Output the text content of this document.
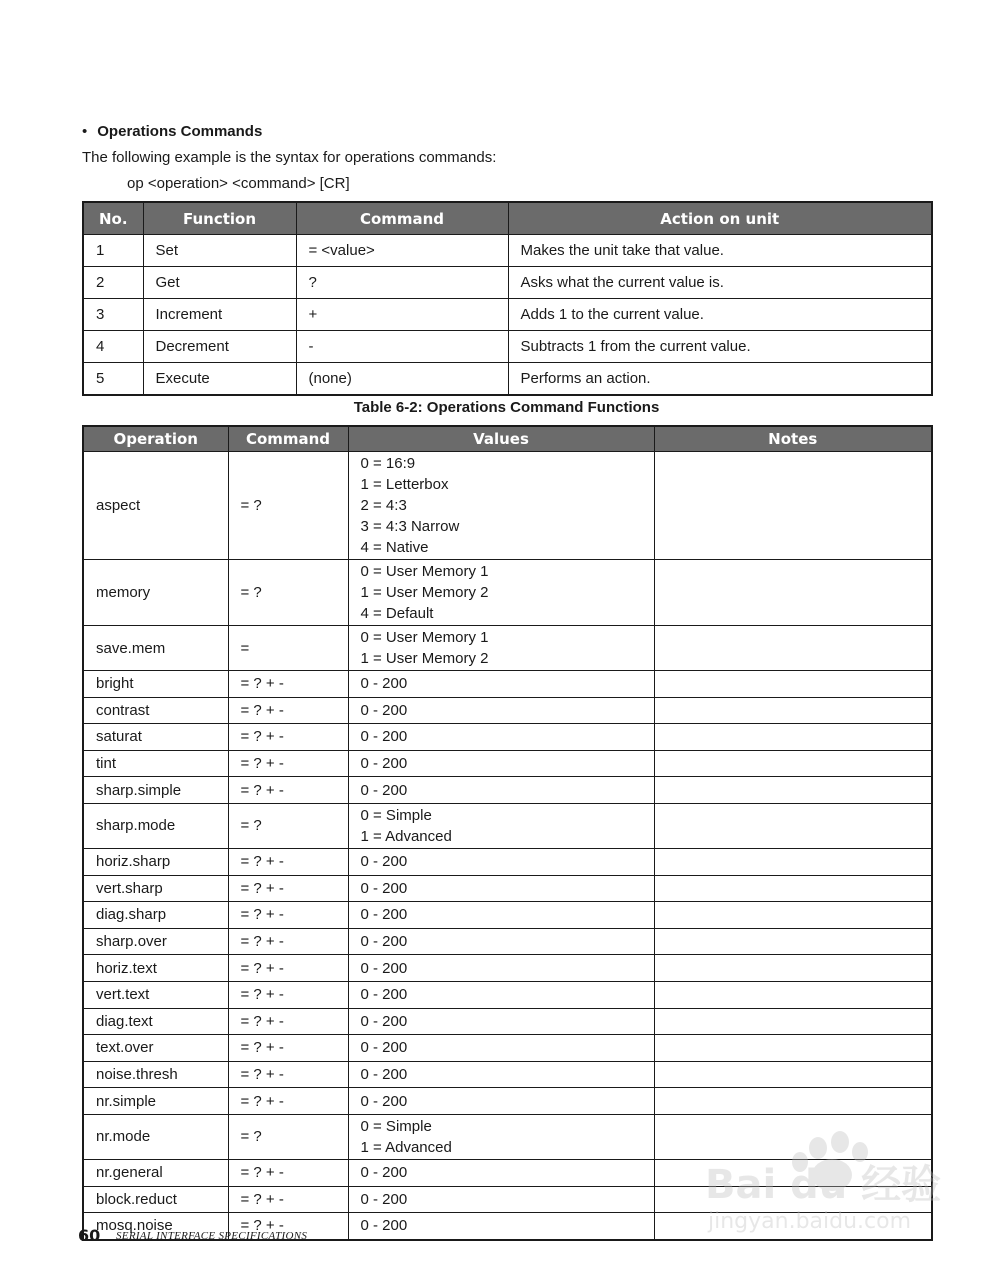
• Operations Commands

The following example is the syntax for operations commands:

op <operation> <command> [CR]

No.	Function	Command	Action on unit
1	Set	= <value>	Makes the unit take that value.
2	Get	?	Asks what the current value is.
3	Increment	+	Adds 1 to the current value.
4	Decrement	-	Subtracts 1 from the current value.
5	Execute	(none)	Performs an action.

Table 6-2: Operations Command Functions

Operation	Command	Values	Notes
aspect	= ?	0 = 16:9
1 = Letterbox
2 = 4:3
3 = 4:3 Narrow
4 = Native	

memory	= ?	0 = User Memory 1
1 = User Memory 2
4 = Default	

save.mem	=	0 = User Memory 1
1 = User Memory 2	

bright	= ? + -	0 - 200	

contrast	= ? + -	0 - 200	

saturat	= ? + -	0 - 200	

tint	= ? + -	0 - 200	

sharp.simple	= ? + -	0 - 200	

sharp.mode	= ?	0 = Simple
1 = Advanced	

horiz.sharp	= ? + -	0 - 200	

vert.sharp	= ? + -	0 - 200	

diag.sharp	= ? + -	0 - 200	

sharp.over	= ? + -	0 - 200	

horiz.text	= ? + -	0 - 200	

vert.text	= ? + -	0 - 200	

diag.text	= ? + -	0 - 200	

text.over	= ? + -	0 - 200	

noise.thresh	= ? + -	0 - 200	

nr.simple	= ? + -	0 - 200	

nr.mode	= ?	0 = Simple
1 = Advanced	

nr.general	= ? + -	0 - 200	

block.reduct	= ? + -	0 - 200	

mosq.noise	= ? + -	0 - 200	

Bai du 经验
jingyan.baidu.com
60 SERIAL INTERFACE SPECIFICATIONS
